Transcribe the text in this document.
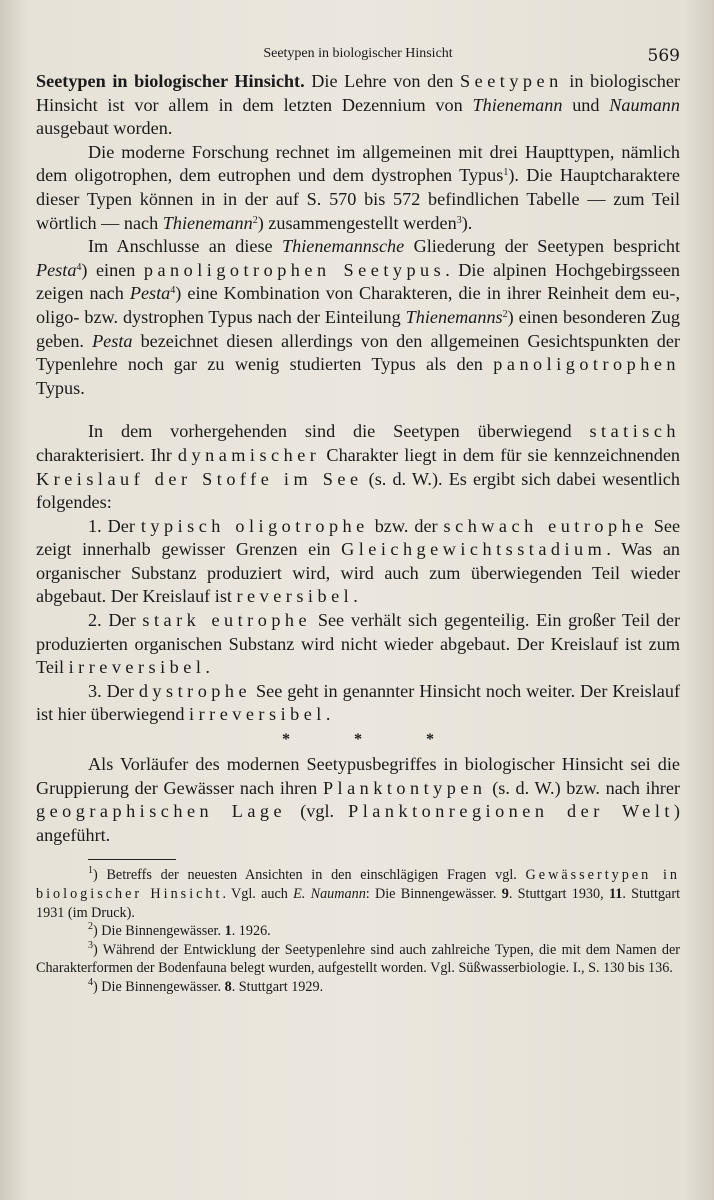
Seetypen in biologischer Hinsicht	569

Seetypen in biologischer Hinsicht. Die Lehre von den Seetypen in biologischer Hinsicht ist vor allem in dem letzten Dezennium von Thienemann und Naumann ausgebaut worden.

Die moderne Forschung rechnet im allgemeinen mit drei Haupttypen, nämlich dem oligotrophen, dem eutrophen und dem dystrophen Typus$^1$). Die Hauptcharaktere dieser Typen können in in der auf S. 570 bis 572 befindlichen Tabelle — zum Teil wörtlich — nach Thienemann$^2$) zusammengestellt werden$^3$).

Im Anschlusse an diese Thienemannsche Gliederung der Seetypen bespricht Pesta$^4$) einen panoligotrophen Seetypus. Die alpinen Hochgebirgsseen zeigen nach Pesta$^4$) eine Kombination von Charakteren, die in ihrer Reinheit dem eu-, oligo- bzw. dystrophen Typus nach der Einteilung Thienemanns$^2$) einen besonderen Zug geben. Pesta bezeichnet diesen allerdings von den allgemeinen Gesichtspunkten der Typenlehre noch gar zu wenig studierten Typus als den panoligotrophen Typus.

In dem vorhergehenden sind die Seetypen überwiegend statisch charakterisiert. Ihr dynamischer Charakter liegt in dem für sie kennzeichnenden Kreislauf der Stoffe im See (s. d. W.). Es ergibt sich dabei wesentlich folgendes:

1. Der typisch oligotrophe bzw. der schwach eutrophe See zeigt innerhalb gewisser Grenzen ein Gleichgewichtsstadium. Was an organischer Substanz produziert wird, wird auch zum überwiegenden Teil wieder abgebaut. Der Kreislauf ist reversibel.

2. Der stark eutrophe See verhält sich gegenteilig. Ein großer Teil der produzierten organischen Substanz wird nicht wieder abgebaut. Der Kreislauf ist zum Teil irreversibel.

3. Der dystrophe See geht in genannter Hinsicht noch weiter. Der Kreislauf ist hier überwiegend irreversibel.

* * *

Als Vorläufer des modernen Seetypusbegriffes in biologischer Hinsicht sei die Gruppierung der Gewässer nach ihren Planktontypen (s. d. W.) bzw. nach ihrer geographischen Lage (vgl. Planktonregionen der Welt) angeführt.

$^1$) Betreffs der neuesten Ansichten in den einschlägigen Fragen vgl. Gewässertypen in biologischer Hinsicht. Vgl. auch E. Naumann: Die Binnengewässer. 9. Stuttgart 1930, 11. Stuttgart 1931 (im Druck).

$^2$) Die Binnengewässer. 1. 1926.

$^3$) Während der Entwicklung der Seetypenlehre sind auch zahlreiche Typen, die mit dem Namen der Charakterformen der Bodenfauna belegt wurden, aufgestellt worden. Vgl. Süßwasserbiologie. I., S. 130 bis 136.

$^4$) Die Binnengewässer. 8. Stuttgart 1929.
